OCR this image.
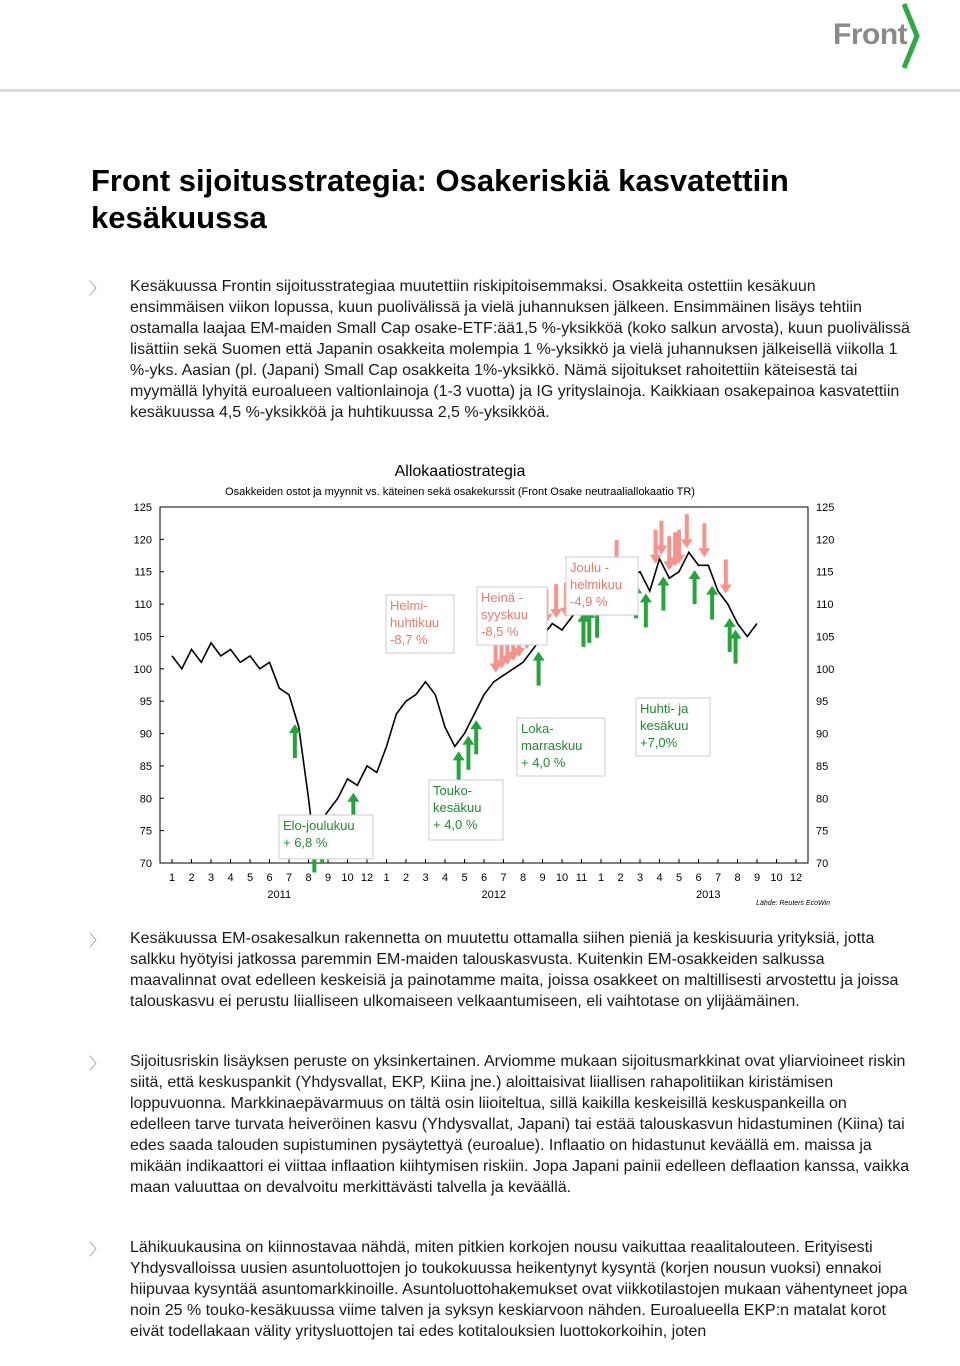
Front
Front sijoitusstrategia: Osakeriskiä kasvatettiin kesäkuussa
〉 Kesäkuussa Frontin sijoitusstrategiaa muutettiin riskipitoisemmaksi. Osakkeita ostettiin kesäkuun ensimmäisen viikon lopussa, kuun puolivälissä ja vielä juhannuksen jälkeen. Ensimmäinen lisäys tehtiin ostamalla laajaa EM-maiden Small Cap osake-ETF:ää1,5 %-yksikköä (koko salkun arvosta), kuun puolivälissä lisättiin sekä Suomen että Japanin osakkeita molempia 1 %-yksikkö ja vielä juhannuksen jälkeisellä viikolla 1 %-yks. Aasian (pl. (Japani) Small Cap osakkeita 1%-yksikkö. Nämä sijoitukset rahoitettiin käteisestä tai myymällä lyhyitä euroalueen valtionlainoja (1-3 vuotta) ja IG yrityslainoja. Kaikkiaan osakepainoa kasvatettiin kesäkuussa 4,5 %-yksikköä ja huhtikuussa 2,5 %-yksikköä.

Allokaatiostrategia
Osakkeiden ostot ja myynnit vs. käteinen sekä osakekurssit (Front Osake neutraaliallokaatio TR)
70	70
75	75
80	80
85	85
90	90
95	95
100	100
105	105
110	110
115	115
120	120
125	125
1 2 3 4 5 6 7 8 9 10 12 1 2 3 4 5 6 7 8 9 10 11 1 2 3 4 5 6 7 8 9 10 12
2011	2012	2013
Lähde: Reuters EcoWin
Helmi-
huhtikuu
-8,7 %
Heinä -
syyskuu
-8,5 %
Joulu -
helmikuu
-4,9 %
Elo-joulukuu
+ 6,8 %
Touko-
kesäkuu
+ 4,0 %
Loka-
marraskuu
+ 4,0 %
Huhti- ja
kesäkuu
+7,0%
〉 Kesäkuussa EM-osakesalkun rakennetta on muutettu ottamalla siihen pieniä ja keskisuuria yrityksiä, jotta salkku hyötyisi jatkossa paremmin EM-maiden talouskasvusta. Kuitenkin EM-osakkeiden salkussa maavalinnat ovat edelleen keskeisiä ja painotamme maita, joissa osakkeet on maltillisesti arvostettu ja joissa talouskasvu ei perustu liialliseen ulkomaiseen velkaantumiseen, eli vaihtotase on ylijäämäinen.

〉 Sijoitusriskin lisäyksen peruste on yksinkertainen. Arviomme mukaan sijoitusmarkkinat ovat yliarvioineet riskin siitä, että keskuspankit (Yhdysvallat, EKP, Kiina jne.) aloittaisivat liiallisen rahapolitiikan kiristämisen loppuvuonna. Markkinaepävarmuus on tältä osin liioiteltua, sillä kaikilla keskeisillä keskuspankeilla on edelleen tarve turvata heiveröinen kasvu (Yhdysvallat, Japani) tai estää talouskasvun hidastuminen (Kiina) tai edes saada talouden supistuminen pysäytettyä (euroalue). Inflaatio on hidastunut keväällä em. maissa ja mikään indikaattori ei viittaa inflaation kiihtymisen riskiin. Jopa Japani painii edelleen deflaation kanssa, vaikka maan valuuttaa on devalvoitu merkittävästi talvella ja keväällä.

〉 Lähikuukausina on kiinnostavaa nähdä, miten pitkien korkojen nousu vaikuttaa reaalitalouteen. Erityisesti Yhdysvalloissa uusien asuntoluottojen jo toukokuussa heikentynyt kysyntä (korjen nousun vuoksi) ennakoi hiipuvaa kysyntää asuntomarkkinoille. Asuntoluottohakemukset ovat viikkotilastojen mukaan vähentyneet jopa noin 25 % touko-kesäkuussa viime talven ja syksyn keskiarvoon nähden. Euroalueella EKP:n matalat korot eivät todellakaan välity yritysluottojen tai edes kotitalouksien luottokorkoihin, joten
